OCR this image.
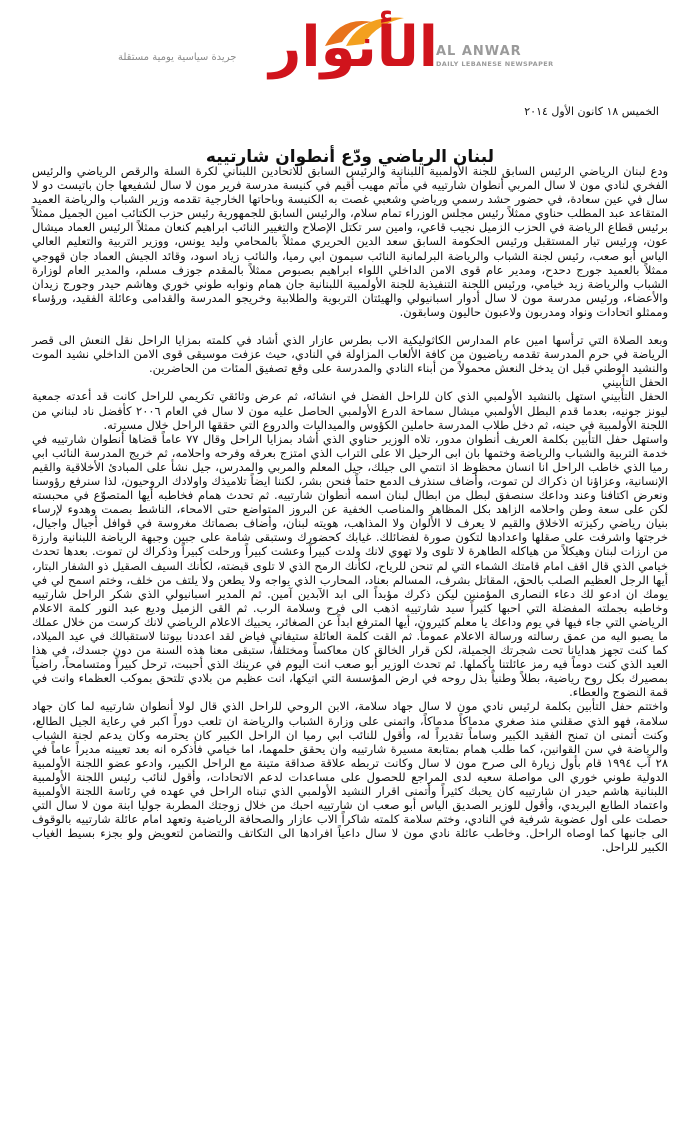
الأنوار
AL ANWAR
DAILY LEBANESE NEWSPAPER
جريدة سياسية يومية مستقلة
الخميس ١٨ كانون الأول ٢٠١٤
لبنان الرياضي ودّع أنطوان شارتييه

ودع لبنان الرياضي الرئيس السابق للجنة الأولمبية اللبنانية والرئيس السابق للاتحادين اللبناني لكرة السلة والرقص الرياضي والرئيس الفخري لنادي مون لا سال المربي أنطوان شارتييه في مأتم مهيب أقيم في كنيسة مدرسة فرير مون لا سال لشفيعها جان باتيست دو لا سال في عين سعادة، في حضور حشد رسمي ورياضي وشعبي غصت به الكنيسة وباحاتها الخارجية تقدمه وزير الشباب والرياضة العميد المتقاعد عبد المطلب حناوي ممثلاً رئيس مجلس الوزراء تمام سلام، والرئيس السابق للجمهورية رئيس حزب الكتائب امين الجميل ممثلاً برئيس قطاع الرياضة في الحزب الزميل نجيب قاعي، وامين سر تكتل الإصلاح والتغيير النائب ابراهيم كنعان ممثلاً الرئيس العماد ميشال عون، ورئيس تيار المستقبل ورئيس الحكومة السابق سعد الدين الحريري ممثلاً بالمحامي وليد يونس، ووزير التربية والتعليم العالي الياس أبو صعب، رئيس لجنة الشباب والرياضة البرلمانية النائب سيمون ابي رميا، والنائب زياد اسود، وقائد الجيش العماد جان قهوجي ممثلاً بالعميد جورج دحدح، ومدير عام قوى الامن الداخلي اللواء ابراهيم بصبوص ممثلاً بالمقدم جوزف مسلم، والمدير العام لوزارة الشباب والرياضة زيد خيامي، ورئيس اللجنة التنفيذية للجنة الأولمبية اللبنانية جان همام ونوابه طوني خوري وهاشم حيدر وجورج زيدان والأعضاء، ورئيس مدرسة مون لا سال أدوار اسبانيولي والهيئتان التربوية والطلابية وخريجو المدرسة والقدامى وعائلة الفقيد، ورؤساء وممثلو اتحادات ونواد ومدربون ولاعبون حاليون وسابقون.

وبعد الصلاة التي ترأسها امين عام المدارس الكاثوليكية الاب بطرس عازار الذي أشاد في كلمته بمزايا الراحل نقل النعش الى قصر الرياضة في حرم المدرسة تقدمه رياضيون من كافة الألعاب المزاولة في النادي، حيث عزفت موسيقى قوى الامن الداخلي نشيد الموت والنشيد الوطني قبل ان يدخل النعش محمولاً من أبناء النادي والمدرسة على وقع تصفيق المئات من الحاضرين.

الحفل التأبيني

الحفل التأبيني استهل بالنشيد الأولمبي الذي كان للراحل الفضل في انشائه، ثم عرض وثائقي تكريمي للراحل كانت قد أعدته جمعية ليونز جونيه، بعدما قدم البطل الأولمبي ميشال سماحة الدرع الأولمبي الحاصل عليه مون لا سال في العام ٢٠٠٦ كأفضل ناد لبناني من اللجنة الأولمبية في حينه، ثم دخل طلاب المدرسة حاملين الكؤوس والميداليات والدروع التي حققها الراحل خلال مسيرته.

واستهل حفل التأبين بكلمة العريف أنطوان مدور، تلاه الوزير حناوي الذي أشاد بمزايا الراحل وقال ٧٧ عاماً قضاها أنطوان شارتييه في خدمة التربية والشباب والرياضة وختمها بان ابى الرحيل الا على التراب الذي امتزج بعرقه وفرحه واحلامه، ثم خريج المدرسة النائب ابي رميا الذي خاطب الراحل انا انسان محظوظ اذ انتمي الى جيلك، جيل المعلم والمربي والمدرس، جيل نشأ على المبادئ الأخلاقية والقيم الإنسانية، وعزاؤنا ان ذكراك لن تموت، وأضاف سنذرف الدمع حتماً فنحن بشر، لكننا ايضاً تلاميذك واولادك الروحيون، لذا سنرفع رؤوسنا ونعرض اكتافنا وعند وداعك سنصفق لبطل من ابطال لبنان اسمه أنطوان شارتييه. ثم تحدث همام فخاطبه أيها المتصوّع في محبسته لكن على سعة وطن واحلامه الزاهد بكل المظاهر والمناصب الخفية عن البروز المتواضع حتى الامحاء، الناشط بصمت وهدوء لإرساء بنيان رياضي ركيزته الاخلاق والقيم لا يعرف لا الألوان ولا المذاهب، هويته لبنان، وأضاف بصماتك مغروسة في قوافل أجيال واجيال، خرجتها واشرفت على صقلها واعدادها لتكون صورة لفضائلك. غيابك كحضورك وستبقى شامة على جبين وجبهة الرياضة اللبنانية وارزة من ارزات لبنان وهيكلاً من هياكله الطاهرة لا تلوى ولا تهوي لانك ولدت كبيراً وعشت كبيراً ورحلت كبيراً وذكراك لن تموت. بعدها تحدث خيامي الذي قال اقف امام قامتك الشماء التي لم تنحن للرياح، لكأنك الرمح الذي لا تلوى قبضته، لكأنك السيف الصقيل ذو الشفار البتار، أيها الرجل العظيم الصلب بالحق، المقاتل بشرف، المسالم بعناد، المحارب الذي يواجه ولا يطعن ولا يلتف من خلف، وختم اسمح لي في يومك ان ادعو لك دعاء النصارى المؤمنين ليكن ذكرك مؤبداً الى ابد الآبدين آمين. ثم المدير اسبانيولي الذي شكر الراحل شارتييه وخاطبه بجملته المفضلة التي احبها كثيراً سيد شارتييه اذهب الى فرح وسلامة الرب. ثم القى الزميل وديع عبد النور كلمة الاعلام الرياضي التي جاء فيها في يوم وداعك يا معلم كثيرون، أيها المترفع ابداً عن الصغائر، يحبيك الاعلام الرياضي لانك كرست من خلال عملك ما يصبو اليه من عمق رسالته ورسالة الاعلام عموماً. ثم القت كلمة العائلة ستيفاني فياض لقد اعددنا بيوتنا لاستقبالك في عيد الميلاد، كما كنت تجهز هدايانا تحت شجرتك الجميلة، لكن قرار الخالق كان معاكساً ومختلفاً، ستبقى معنا هذه السنة من دون جسدك، في هذا العيد الذي كنت دوماً فيه رمز عائلتنا بأكملها. ثم تحدث الوزير أبو صعب انت اليوم في عرينك الذي أحببت، ترحل كبيراً ومتسامحاً، راضياً بمصيرك بكل روح رياضية، بطلاً وطنياً بذل روحه في ارض المؤسسة التي اتيكها، انت عظيم من بلادي تلتحق بموكب العظماء وانت في قمة النضوج والعطاء.

واختتم حفل التأبين بكلمة لرئيس نادي مون لا سال جهاد سلامة، الابن الروحي للراحل الذي قال لولا أنطوان شارتييه لما كان جهاد سلامة، فهو الذي صقلني منذ صغري مدماكاً مدماكاً، واتمنى على وزارة الشباب والرياضة ان تلعب دوراً اكبر في رعاية الجيل الطالع، وكنت أتمنى ان تمنح الفقيد الكبير وساماً تقديراً له، وأقول للنائب ابي رميا ان الراحل الكبير كان يحترمه وكان يدعم لجنة الشباب والرياضة في سن القوانين، كما طلب همام بمتابعة مسيرة شارتييه وان يحقق حلمهما، اما خيامي فأذكره انه بعد تعيينه مديراً عاماً في ٢٨ آب ١٩٩٤ قام بأول زيارة الى صرح مون لا سال وكانت تربطه علاقة صداقة متينة مع الراحل الكبير، وادعو عضو اللجنة الأولمبية الدولية طوني خوري الى مواصلة سعيه لدى المراجع للحصول على مساعدات لدعم الاتحادات، وأقول لنائب رئيس اللجنة الأولمبية اللبنانية هاشم حيدر ان شارتييه كان يحبك كثيراً وأتمنى اقرار النشيد الأولمبي الذي تبناه الراحل في عهده في رئاسة اللجنة الأولمبية واعتماد الطابع البريدي، وأقول للوزير الصديق الياس أبو صعب ان شارتييه احبك من خلال زوجتك المطربة جوليا ابنة مون لا سال التي حصلت على اول عضوية شرفية في النادي، وختم سلامة كلمته شاكراً الاب عازار والصحافة الرياضية وتعهد امام عائلة شارتييه بالوقوف الى جانبها كما اوصاه الراحل. وخاطب عائلة نادي مون لا سال داعياً افرادها الى التكاتف والتضامن لتعويض ولو بجزء بسيط الغياب الكبير للراحل.
